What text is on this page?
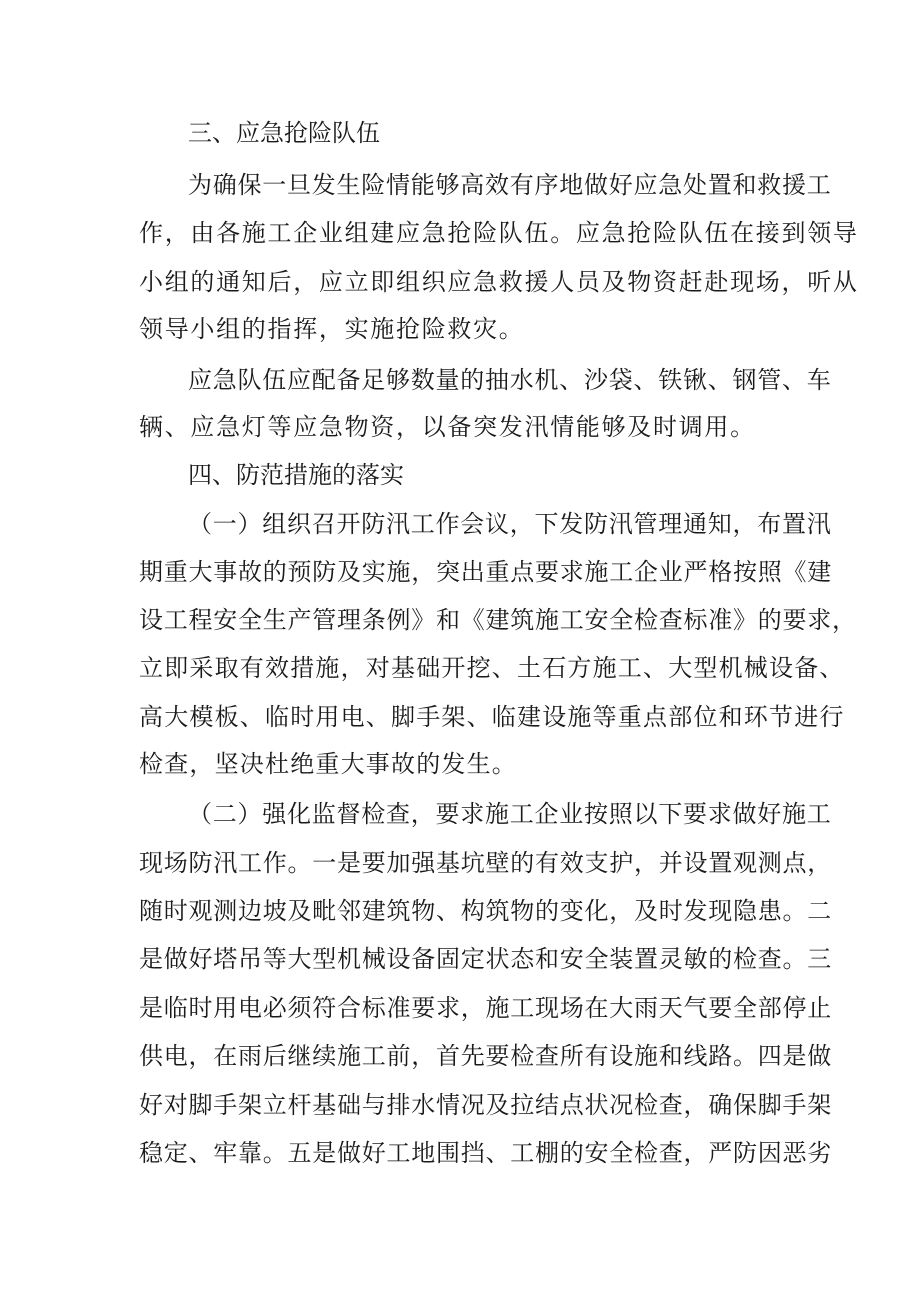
三、应急抢险队伍
为确保一旦发生险情能够高效有序地做好应急处置和救援工
作，由各施工企业组建应急抢险队伍。应急抢险队伍在接到领导
小组的通知后，应立即组织应急救援人员及物资赶赴现场，听从
领导小组的指挥，实施抢险救灾。
应急队伍应配备足够数量的抽水机、沙袋、铁锹、钢管、车
辆、应急灯等应急物资，以备突发汛情能够及时调用。
四、防范措施的落实
（一）组织召开防汛工作会议，下发防汛管理通知，布置汛
期重大事故的预防及实施，突出重点要求施工企业严格按照《建
设工程安全生产管理条例》和《建筑施工安全检查标准》的要求，
立即采取有效措施，对基础开挖、土石方施工、大型机械设备、
高大模板、临时用电、脚手架、临建设施等重点部位和环节进行
检查，坚决杜绝重大事故的发生。
（二）强化监督检查，要求施工企业按照以下要求做好施工
现场防汛工作。一是要加强基坑壁的有效支护，并设置观测点，
随时观测边坡及毗邻建筑物、构筑物的变化，及时发现隐患。二
是做好塔吊等大型机械设备固定状态和安全装置灵敏的检查。三
是临时用电必须符合标准要求，施工现场在大雨天气要全部停止
供电，在雨后继续施工前，首先要检查所有设施和线路。四是做
好对脚手架立杆基础与排水情况及拉结点状况检查，确保脚手架
稳定、牢靠。五是做好工地围挡、工棚的安全检查，严防因恶劣
